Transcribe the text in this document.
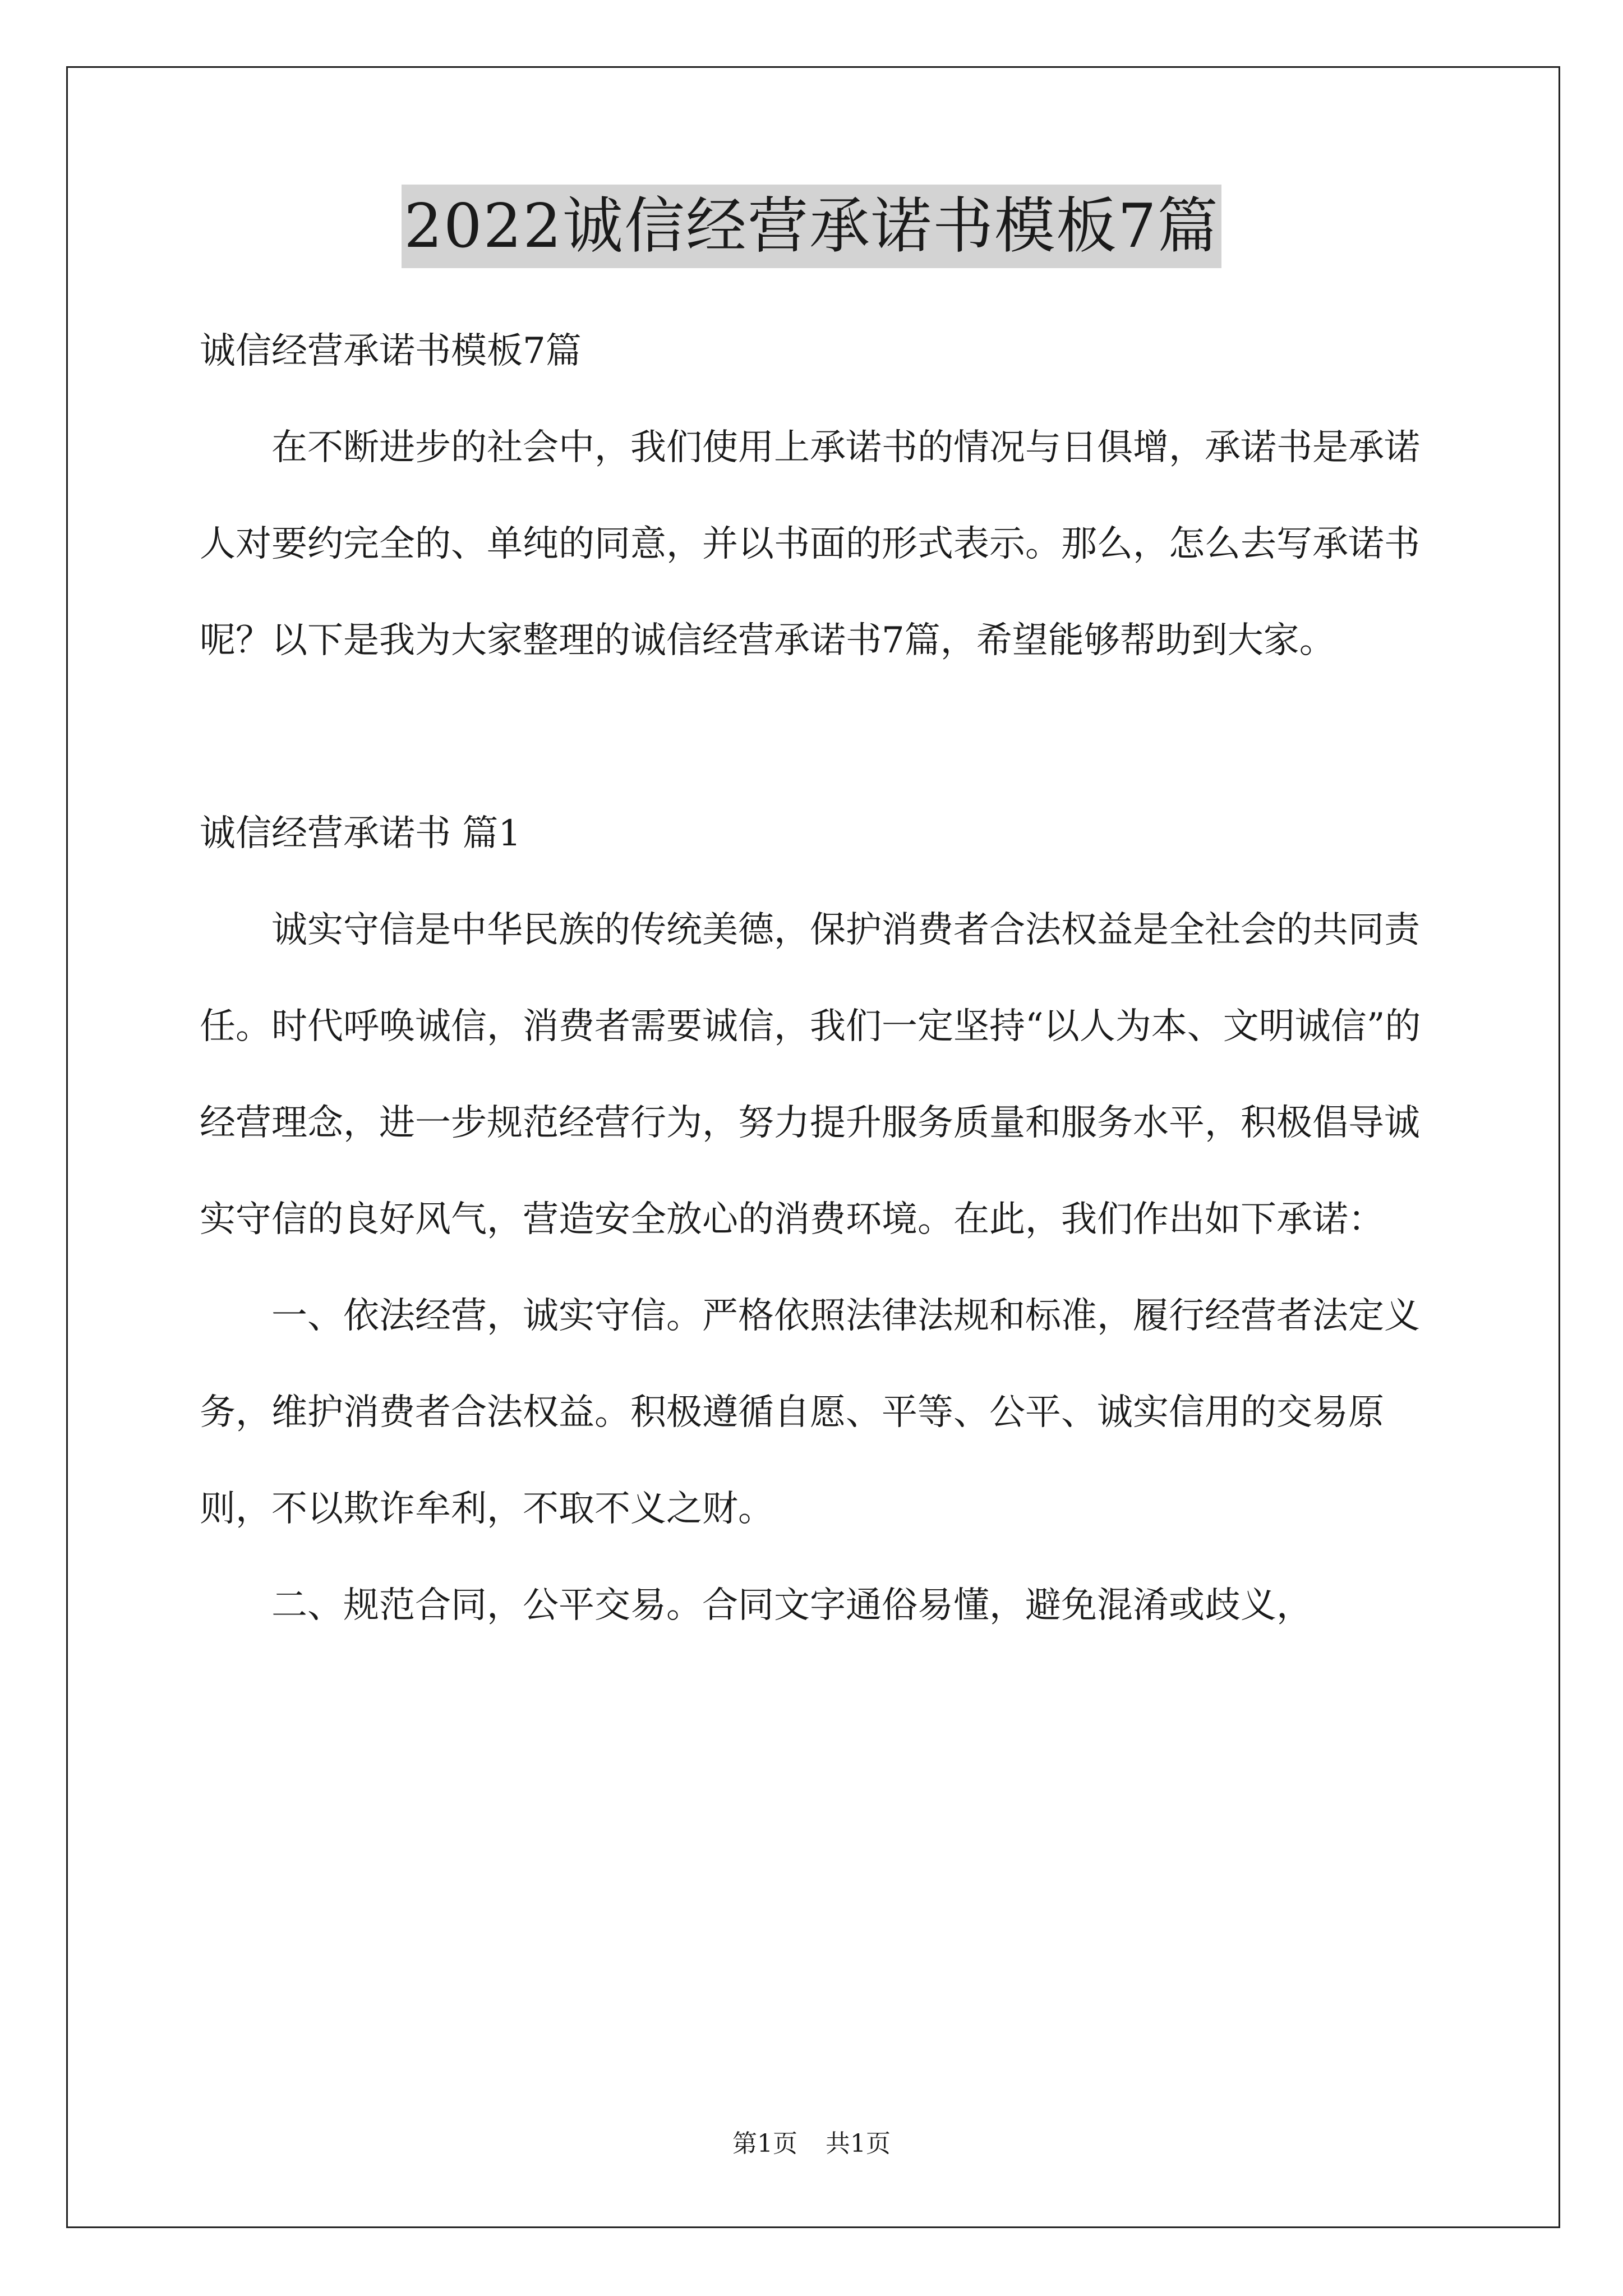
2022诚信经营承诺书模板7篇

诚信经营承诺书模板7篇

在不断进步的社会中，我们使用上承诺书的情况与日俱增，承诺书是承诺人对要约完全的、单纯的同意，并以书面的形式表示。那么，怎么去写承诺书呢？以下是我为大家整理的诚信经营承诺书7篇，希望能够帮助到大家。

诚信经营承诺书 篇1

诚实守信是中华民族的传统美德，保护消费者合法权益是全社会的共同责任。时代呼唤诚信，消费者需要诚信，我们一定坚持“以人为本、文明诚信”的经营理念，进一步规范经营行为，努力提升服务质量和服务水平，积极倡导诚实守信的良好风气，营造安全放心的消费环境。在此，我们作出如下承诺：

一、依法经营，诚实守信。严格依照法律法规和标准，履行经营者法定义务，维护消费者合法权益。积极遵循自愿、平等、公平、诚实信用的交易原则，不以欺诈牟利，不取不义之财。

二、规范合同，公平交易。合同文字通俗易懂，避免混淆或歧义，

第1页 共1页
